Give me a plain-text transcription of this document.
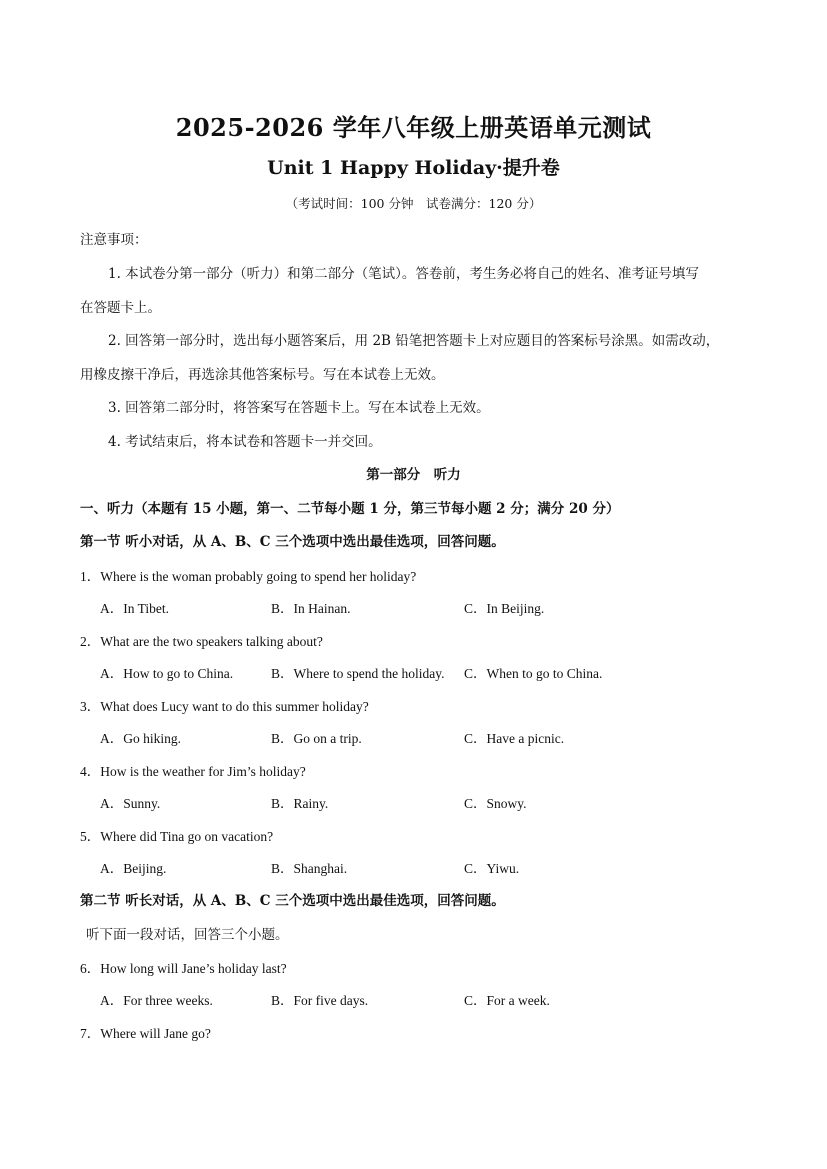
2025-2026 学年八年级上册英语单元测试
Unit 1 Happy Holiday·提升卷
（考试时间：100 分钟　试卷满分：120 分）
注意事项：
1. 本试卷分第一部分（听力）和第二部分（笔试）。答卷前，考生务必将自己的姓名、准考证号填写
在答题卡上。
2. 回答第一部分时，选出每小题答案后，用 2B 铅笔把答题卡上对应题目的答案标号涂黑。如需改动，
用橡皮擦干净后，再选涂其他答案标号。写在本试卷上无效。
3. 回答第二部分时，将答案写在答题卡上。写在本试卷上无效。
4. 考试结束后，将本试卷和答题卡一并交回。
第一部分　听力
一、听力（本题有 15 小题，第一、二节每小题 1 分，第三节每小题 2 分；满分 20 分）
第一节 听小对话，从 A、B、C 三个选项中选出最佳选项，回答问题。
1．Where is the woman probably going to spend her holiday?
A．In Tibet.	B．In Hainan.	C．In Beijing.
2．What are the two speakers talking about?
A．How to go to China.	B．Where to spend the holiday. C．When to go to China.
3．What does Lucy want to do this summer holiday?
A．Go hiking.	B．Go on a trip.	C．Have a picnic.
4．How is the weather for Jim’s holiday?
A．Sunny.	B．Rainy.	C．Snowy.
5．Where did Tina go on vacation?
A．Beijing.	B．Shanghai.	C．Yiwu.
第二节 听长对话，从 A、B、C 三个选项中选出最佳选项，回答问题。
听下面一段对话，回答三个小题。
6．How long will Jane’s holiday last?
A．For three weeks.	B．For five days.	C．For a week.
7．Where will Jane go?
